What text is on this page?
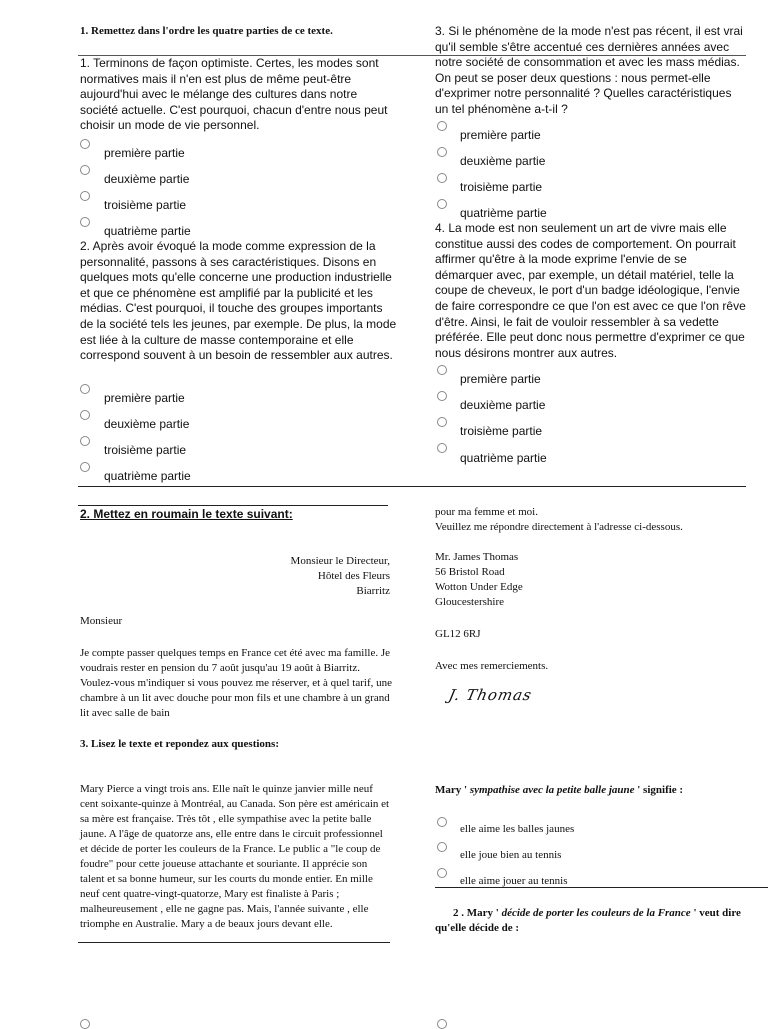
1. Remettez dans l'ordre les quatre parties de ce texte.
1. Terminons de façon optimiste. Certes, les modes sont normatives mais il n'en est plus de même peut-être aujourd'hui avec le mélange des cultures dans notre société actuelle. C'est pourquoi, chacun d'entre nous peut choisir un mode de vie personnel.
première partie
deuxième partie
troisième partie
quatrième partie
2. Après avoir évoqué la mode comme expression de la personnalité, passons à ses caractéristiques. Disons en quelques mots qu'elle concerne une production industrielle et que ce phénomène est amplifié par la publicité et les médias. C'est pourquoi, il touche des groupes importants de la société tels les jeunes, par exemple. De plus, la mode est liée à la culture de masse contemporaine et elle correspond souvent à un besoin de ressembler aux autres.
première partie
deuxième partie
troisième partie
quatrième partie
3. Si le phénomène de la mode n'est pas récent, il est vrai qu'il semble s'être accentué ces dernières années avec notre société de consommation et avec les mass médias. On peut se poser deux questions : nous permet-elle d'exprimer notre personnalité ? Quelles caractéristiques un tel phénomène a-t-il ?
première partie
deuxième partie
troisième partie
quatrième partie
4. La mode est non seulement un art de vivre mais elle constitue aussi des codes de comportement. On pourrait affirmer qu'être à la mode exprime l'envie de se démarquer avec, par exemple, un détail matériel, telle la coupe de cheveux, le port d'un badge idéologique, l'envie de faire correspondre ce que l'on est avec ce que l'on rêve d'être. Ainsi, le fait de vouloir ressembler à sa vedette préférée. Elle peut donc nous permettre d'exprimer ce que nous désirons montrer aux autres.
première partie
deuxième partie
troisième partie
quatrième partie
2. Mettez en roumain le texte suivant:

Monsieur le Directeur,

Hôtel des Fleurs

Biarritz

Monsieur
Je compte passer quelques temps en France cet été avec ma famille. Je voudrais rester en pension du 7 août jusqu'au 19 août à Biarritz. Voulez-vous m'indiquer si vous pouvez me réserver, et à quel tarif, une chambre à un lit avec douche pour mon fils et une chambre à un grand lit avec salle de bain

pour ma femme et moi.

Veuillez me répondre directement à l'adresse ci-dessous.

Mr. James Thomas

56 Bristol Road

Wotton Under Edge

Gloucestershire

GL12 6RJ
Avec mes remerciements.
J. Thomas
3. Lisez le texte et repondez aux questions:
Mary Pierce a vingt trois ans. Elle naît le quinze janvier mille neuf cent soixante-quinze à Montréal, au Canada. Son père est américain et sa mère est française. Très tôt , elle sympathise avec la petite balle jaune. A l'âge de quatorze ans, elle entre dans le circuit professionnel et décide de porter les couleurs de la France. Le public a "le coup de foudre" pour cette joueuse attachante et souriante. Il apprécie son talent et sa bonne humeur, sur les courts du monde entier. En mille neuf cent quatre-vingt-quatorze, Mary est finaliste à Paris ; malheureusement , elle ne gagne pas. Mais, l'année suivante , elle triomphe en Australie. Mary a de beaux jours devant elle.
Mary ' sympathise avec la petite balle jaune ' signifie :
elle aime les balles jaunes
elle joue bien au tennis
elle aime jouer au tennis
2 . Mary ' décide de porter les couleurs de la France ' veut dire qu'elle décide de :
